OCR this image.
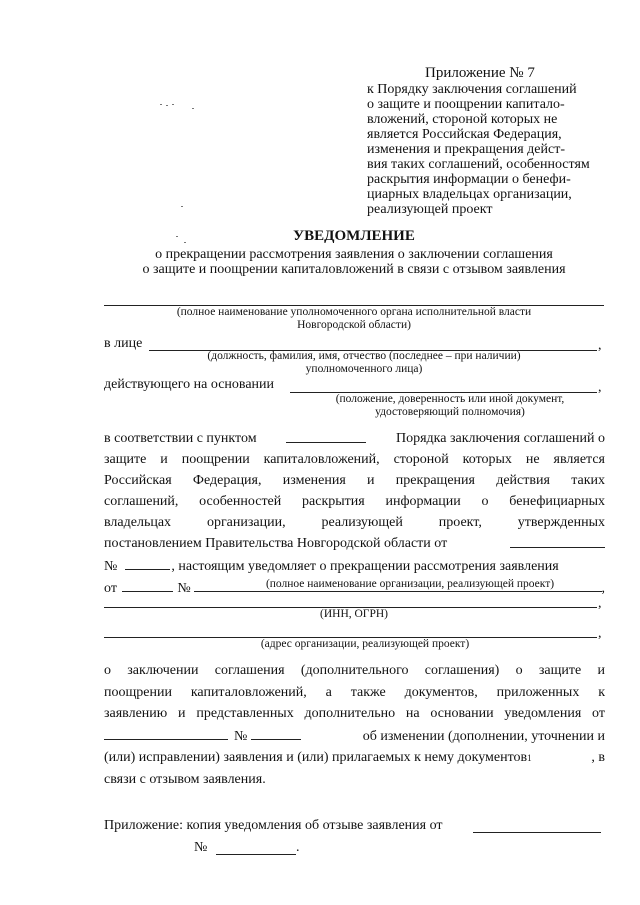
Приложение № 7
к Порядку заключения соглашений
о защите и поощрении капитало-
вложений, стороной которых не
является Российская Федерация,
изменения и прекращения дейст-
вия таких соглашений, особенностям
раскрытия информации о бенефи-
циарных владельцах организации,
реализующей проект
УВЕДОМЛЕНИЕ
о прекращении рассмотрения заявления о заключении соглашения
о защите и поощрении капиталовложений в связи с отзывом заявления
(полное наименование уполномоченного органа исполнительной власти
Новгородской области)
в лице	,
(должность, фамилия, имя, отчество (последнее – при наличии)
уполномоченного лица)
действующего на основании	,
(положение, доверенность или иной документ,
удостоверяющий полномочия)
в соответствии с пунктом	Порядка заключения соглашений о
защите и поощрении капиталовложений, стороной которых не является
Российская Федерация, изменения и прекращения действия таких
соглашений, особенностей раскрытия информации о бенефициарных
владельцах организации, реализующей проект, утвержденных
постановлением Правительства Новгородской области от
№	, настоящим уведомляет о прекращении рассмотрения заявления
от	№	,
(полное наименование организации, реализующей проект)
,
(ИНН, ОГРН)
,
(адрес организации, реализующей проект)
о заключении соглашения (дополнительного соглашения) о защите и
поощрении капиталовложений, а также документов, приложенных к
заявлению и представленных дополнительно на основании уведомления от
№	об изменении (дополнении, уточнении и
(или) исправлении) заявления и (или) прилагаемых к нему документов 1	, в
связи с отзывом заявления.
Приложение: копия уведомления об отзыве заявления от
№	.
